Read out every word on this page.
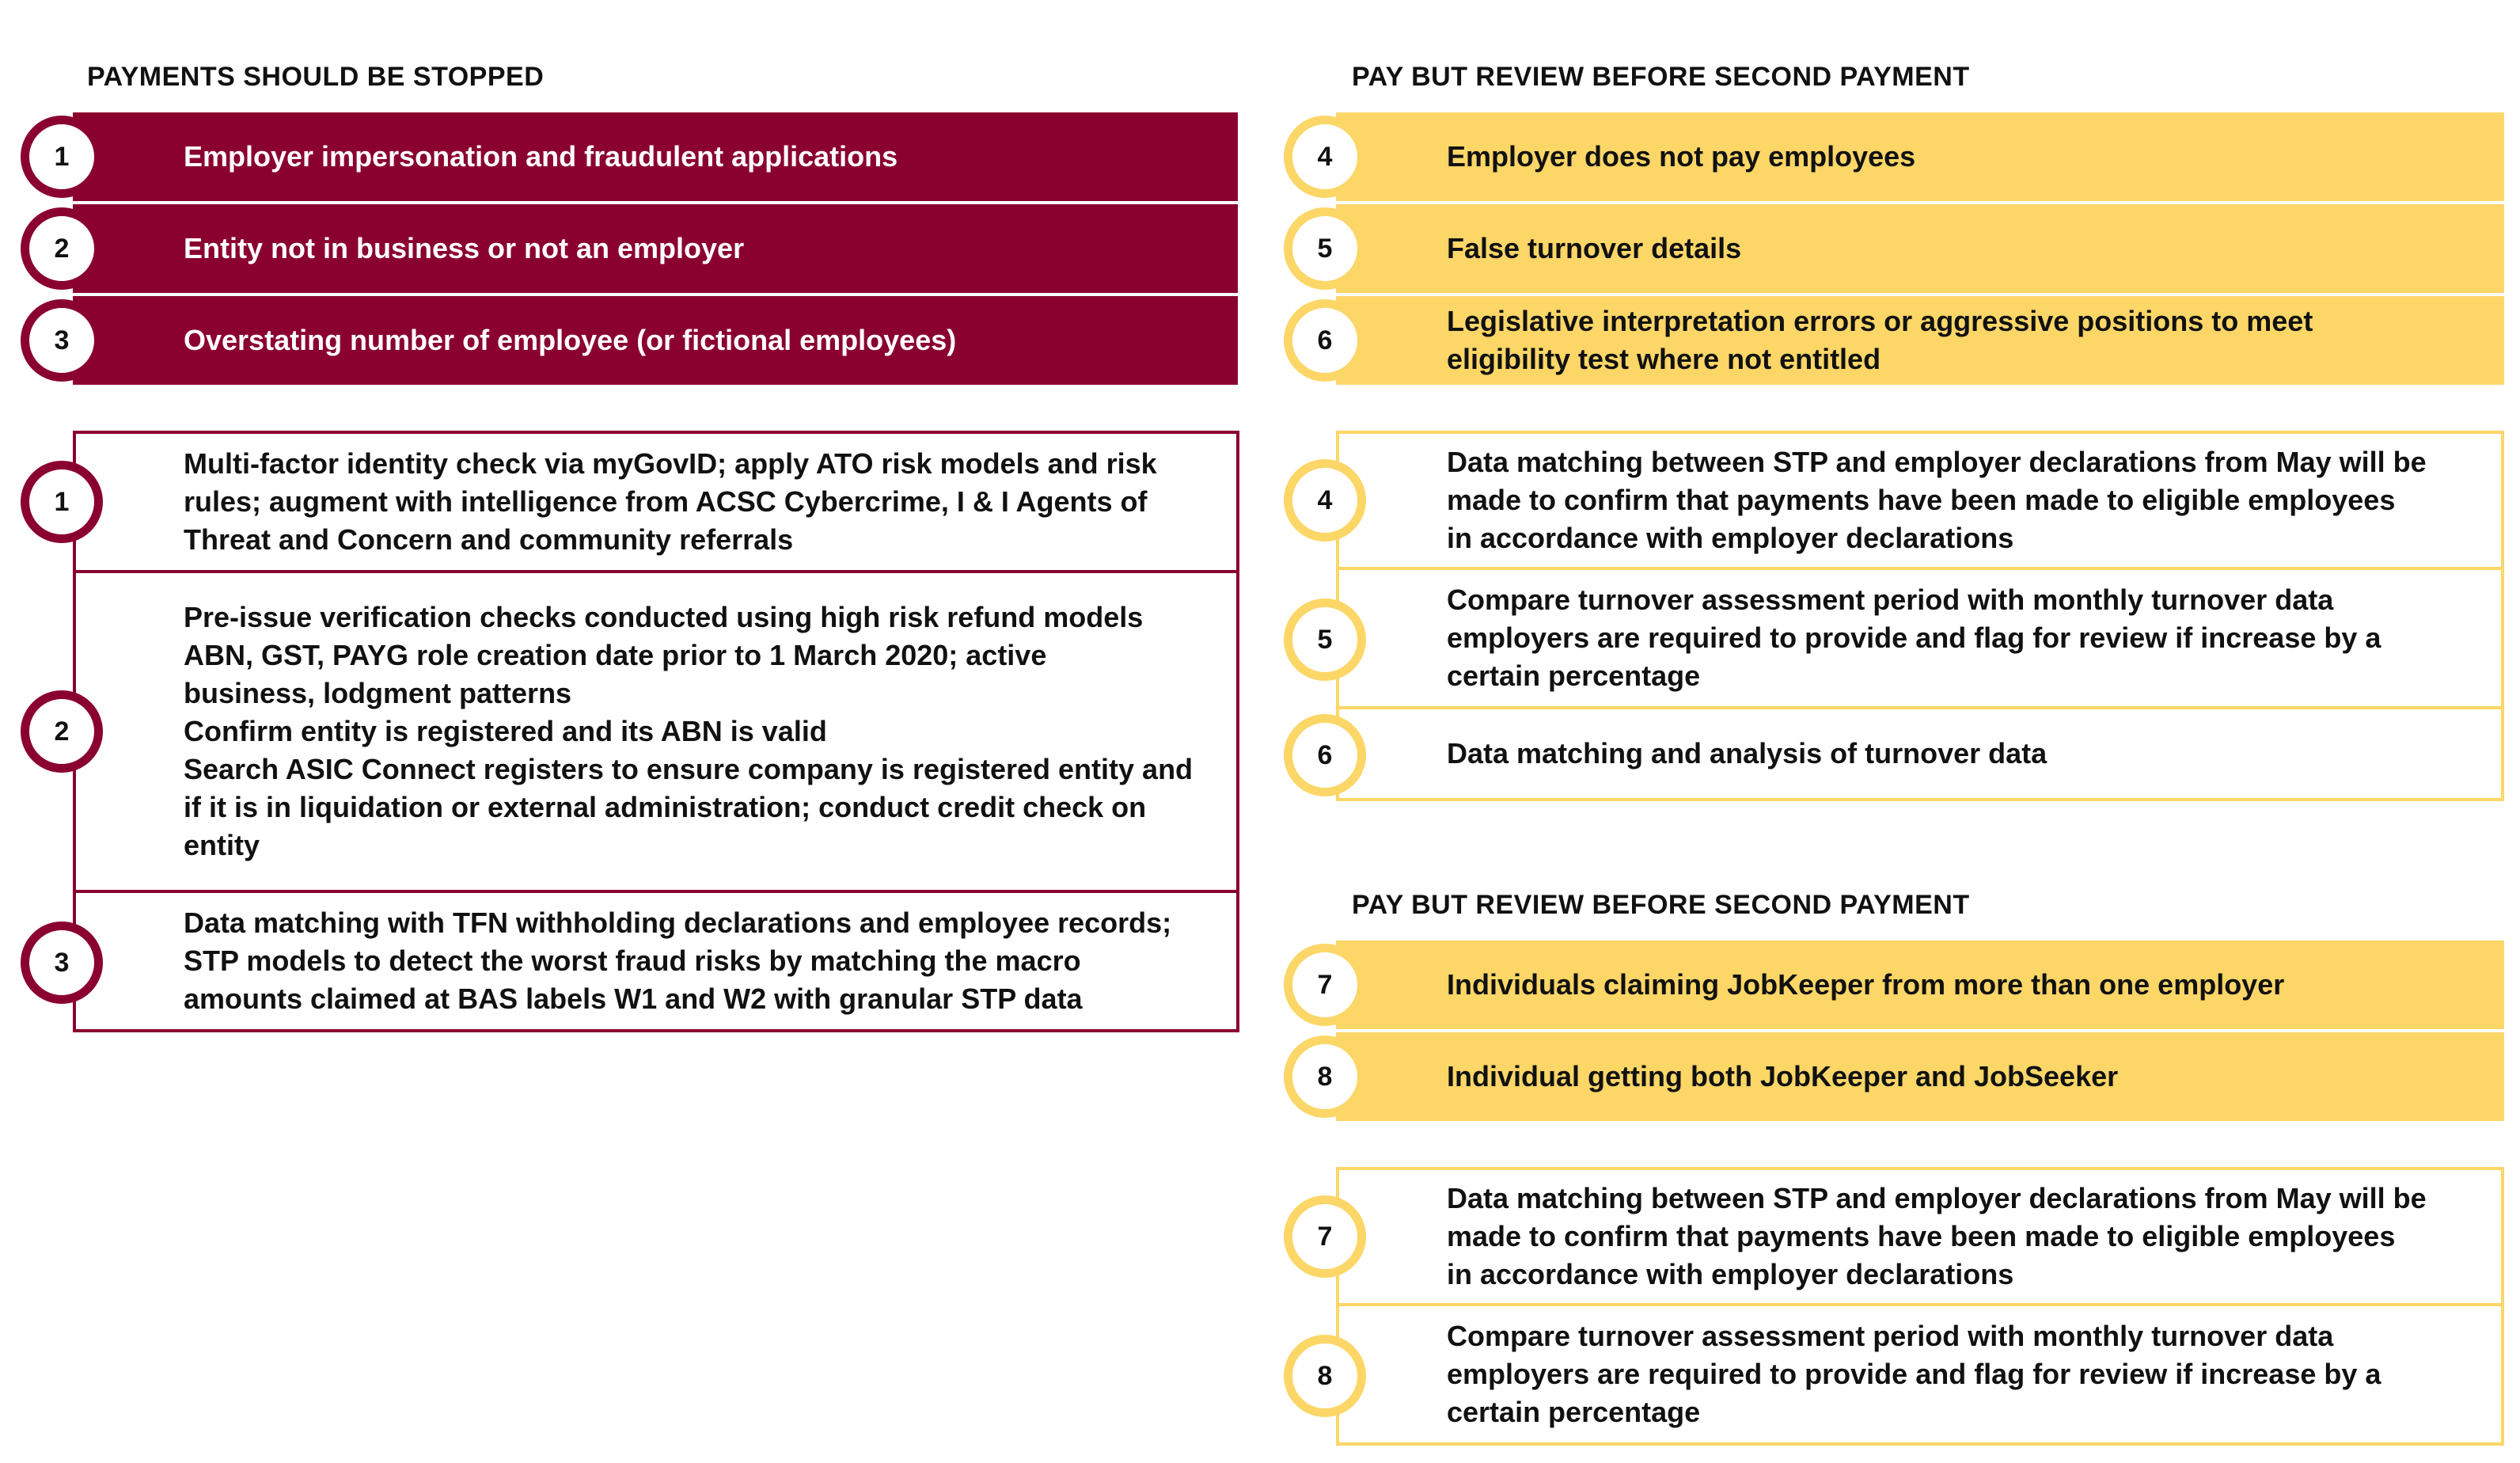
PAYMENTS SHOULD BE STOPPED
Employer impersonation and fraudulent applications
Entity not in business or not an employer
Overstating number of employee (or fictional employees)
1
2
3
Multi-factor identity check via myGovID; apply ATO risk models and risk
rules; augment with intelligence from ACSC Cybercrime, I & I Agents of
Threat and Concern and community referrals
Pre-issue verification checks conducted using high risk refund models
ABN, GST, PAYG role creation date prior to 1 March 2020; active
business, lodgment patterns
Confirm entity is registered and its ABN is valid
Search ASIC Connect registers to ensure company is registered entity and
if it is in liquidation or external administration; conduct credit check on
entity
Data matching with TFN withholding declarations and employee records;
STP models to detect the worst fraud risks by matching the macro
amounts claimed at BAS labels W1 and W2 with granular STP data
1
2
3
PAY BUT REVIEW BEFORE SECOND PAYMENT
Employer does not pay employees
False turnover details
Legislative interpretation errors or aggressive positions to meet
eligibility test where not entitled
4
5
6
Data matching between STP and employer declarations from May will be
made to confirm that payments have been made to eligible employees
in accordance with employer declarations
Compare turnover assessment period with monthly turnover data
employers are required to provide and flag for review if increase by a
certain percentage
Data matching and analysis of turnover data
4
5
6
PAY BUT REVIEW BEFORE SECOND PAYMENT
Individuals claiming JobKeeper from more than one employer
Individual getting both JobKeeper and JobSeeker
7
8
Data matching between STP and employer declarations from May will be
made to confirm that payments have been made to eligible employees
in accordance with employer declarations
Compare turnover assessment period with monthly turnover data
employers are required to provide and flag for review if increase by a
certain percentage
7
8
